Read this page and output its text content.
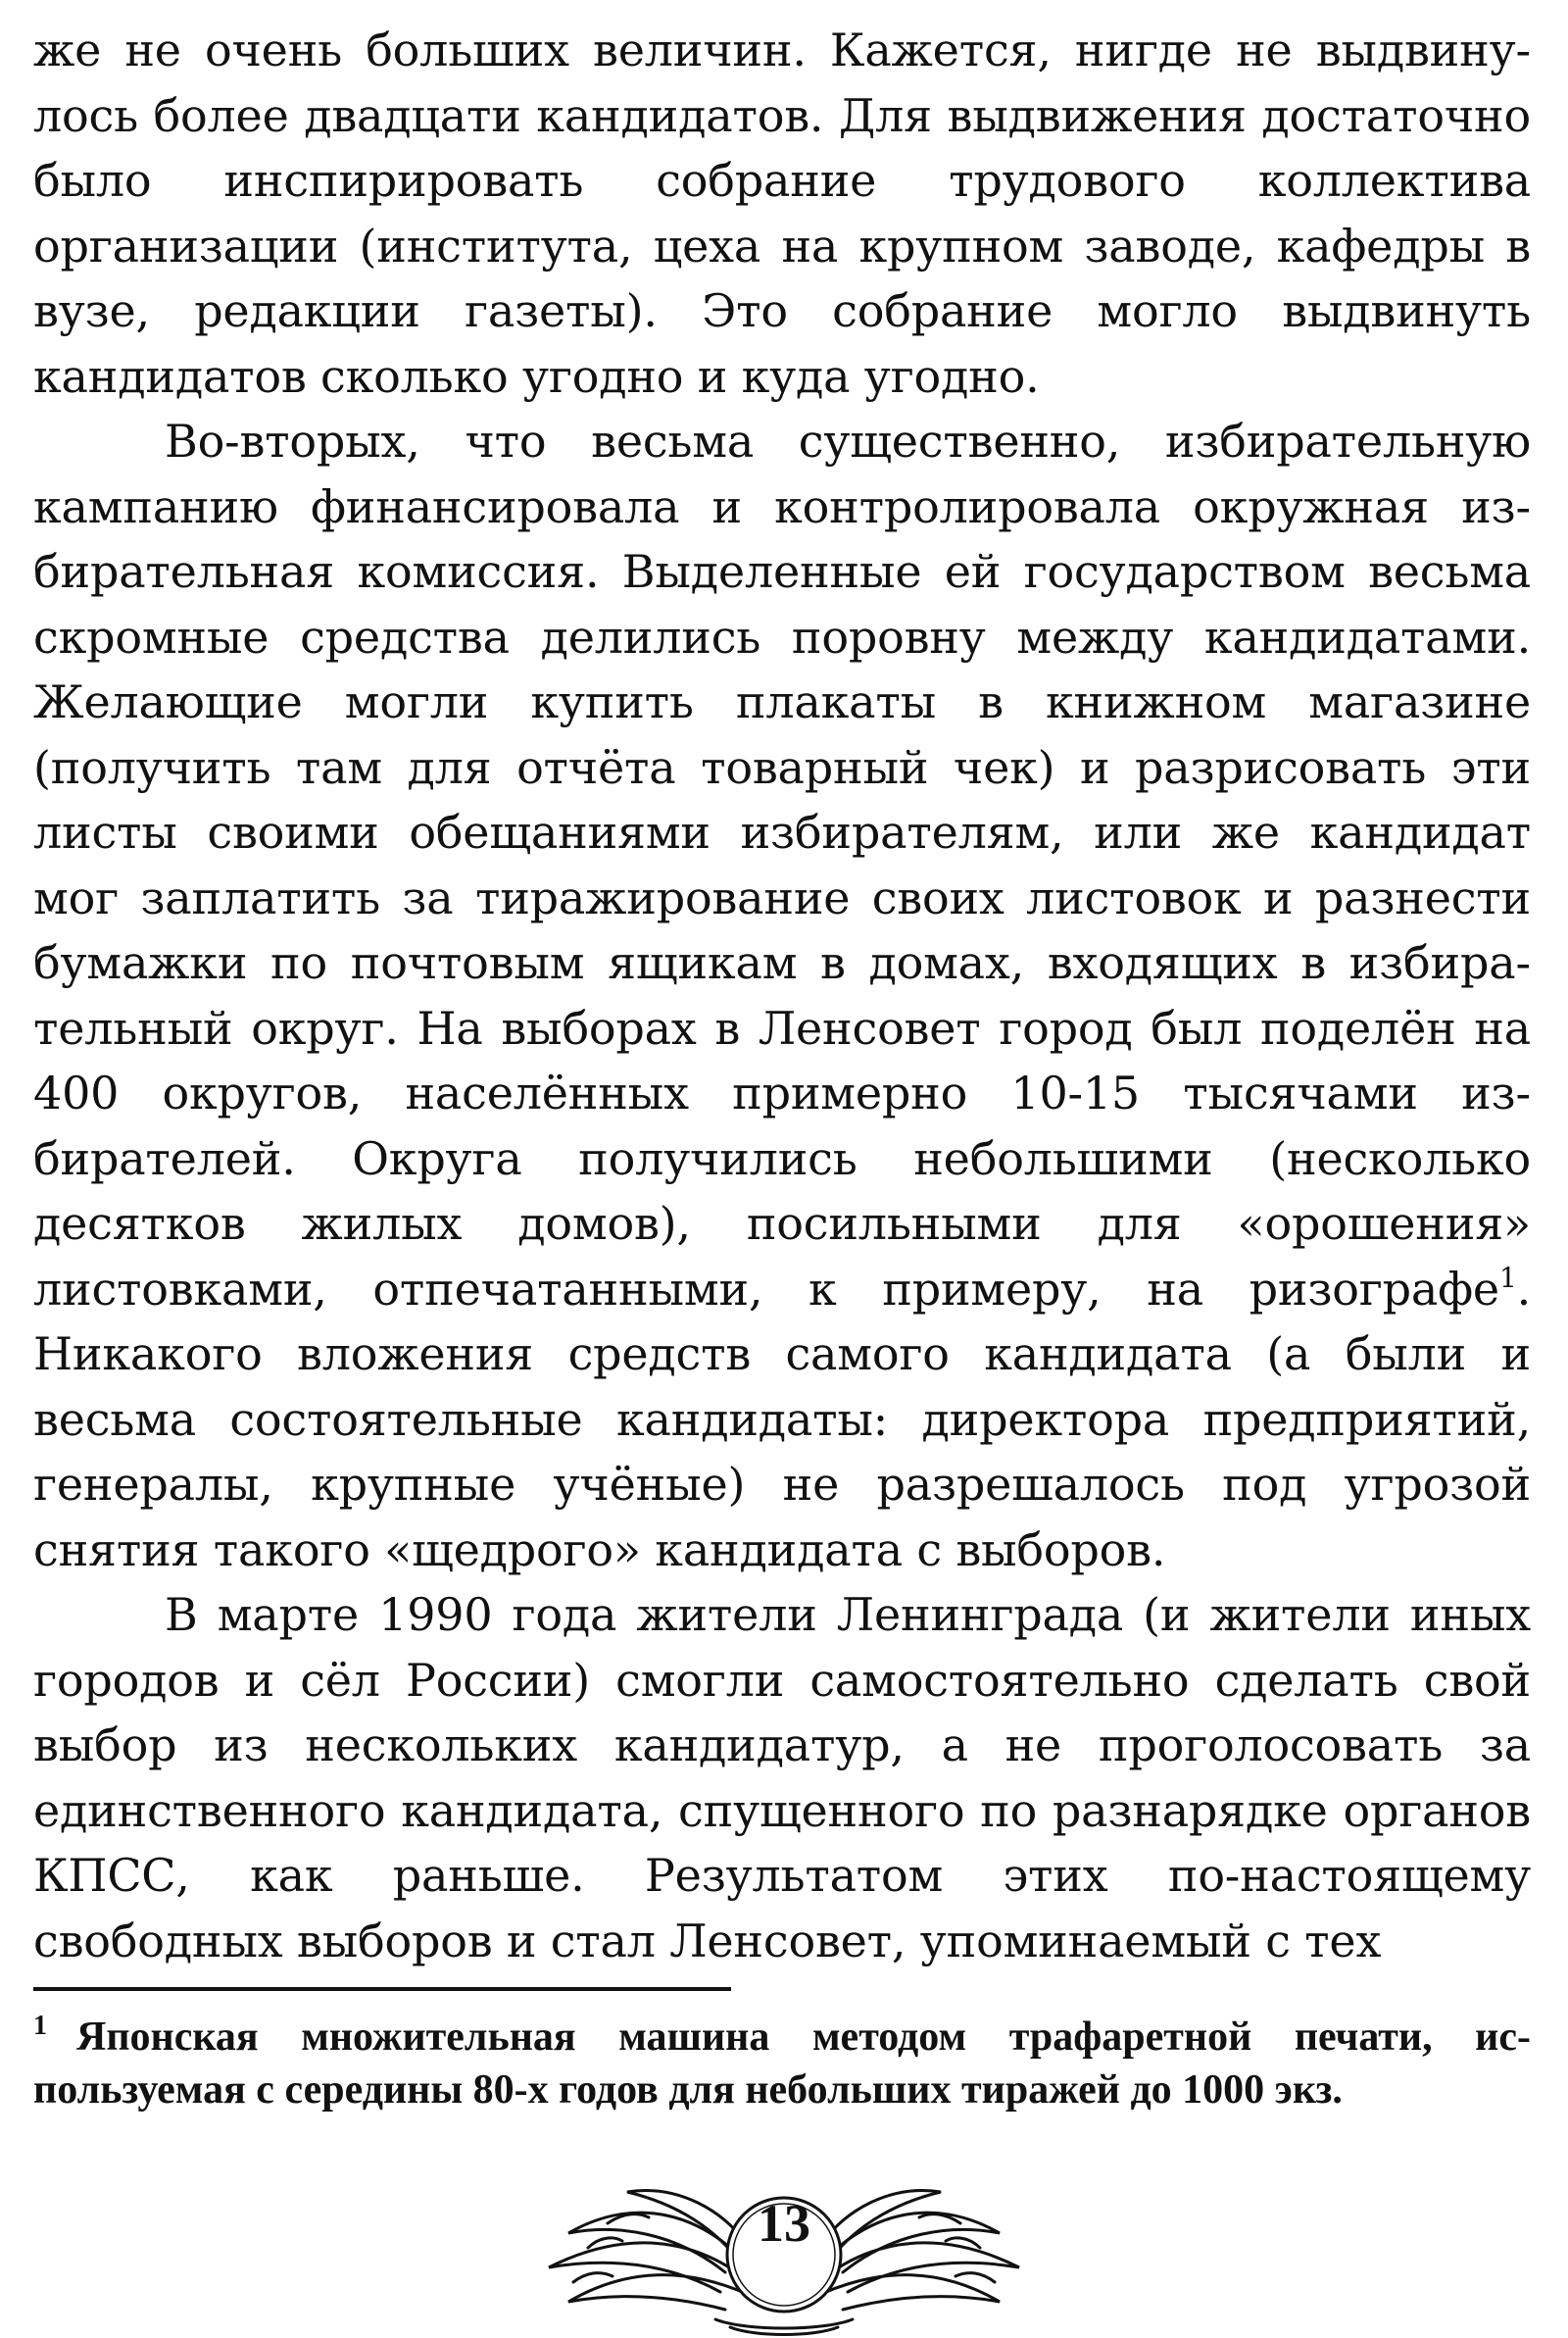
же не очень больших величин. Кажется, нигде не выдвинулось более двадцати кандидатов. Для выдвижения достаточно было инспирировать собрание трудового коллектива организации (института, цеха на крупном заводе, кафедры в вузе, редакции газеты). Это собрание могло выдвинуть кандидатов сколько угодно и куда угодно.

Во-вторых, что весьма существенно, избирательную кампанию финансировала и контролировала окружная избирательная комиссия. Выделенные ей государством весьма скромные средства делились поровну между кандидатами. Желающие могли купить плакаты в книжном магазине (получить там для отчёта товарный чек) и разрисовать эти листы своими обещаниями избирателям, или же кандидат мог заплатить за тиражирование своих листовок и разнести бумажки по почтовым ящикам в домах, входящих в избирательный округ. На выборах в Ленсовет город был поделён на 400 округов, населённых примерно 10-15 тысячами избирателей. Округа получились небольшими (несколько десятков жилых домов), посильными для «орошения» листовками, отпечатанными, к примеру, на ризографе$^1$. Никакого вложения средств самого кандидата (а были и весьма состоятельные кандидаты: директора предприятий, генералы, крупные учёные) не разрешалось под угрозой снятия такого «щедрого» кандидата с выборов.

В марте 1990 года жители Ленинграда (и жители иных городов и сёл России) смогли самостоятельно сделать свой выбор из нескольких кандидатур, а не проголосовать за единственного кандидата, спущенного по разнарядке органов КПСС, как раньше. Результатом этих по-настоящему свободных выборов и стал Ленсовет, упоминаемый с тех

1 Японская множительная машина методом трафаретной печати, используемая с середины 80-х годов для небольших тиражей до 1000 экз.

13
